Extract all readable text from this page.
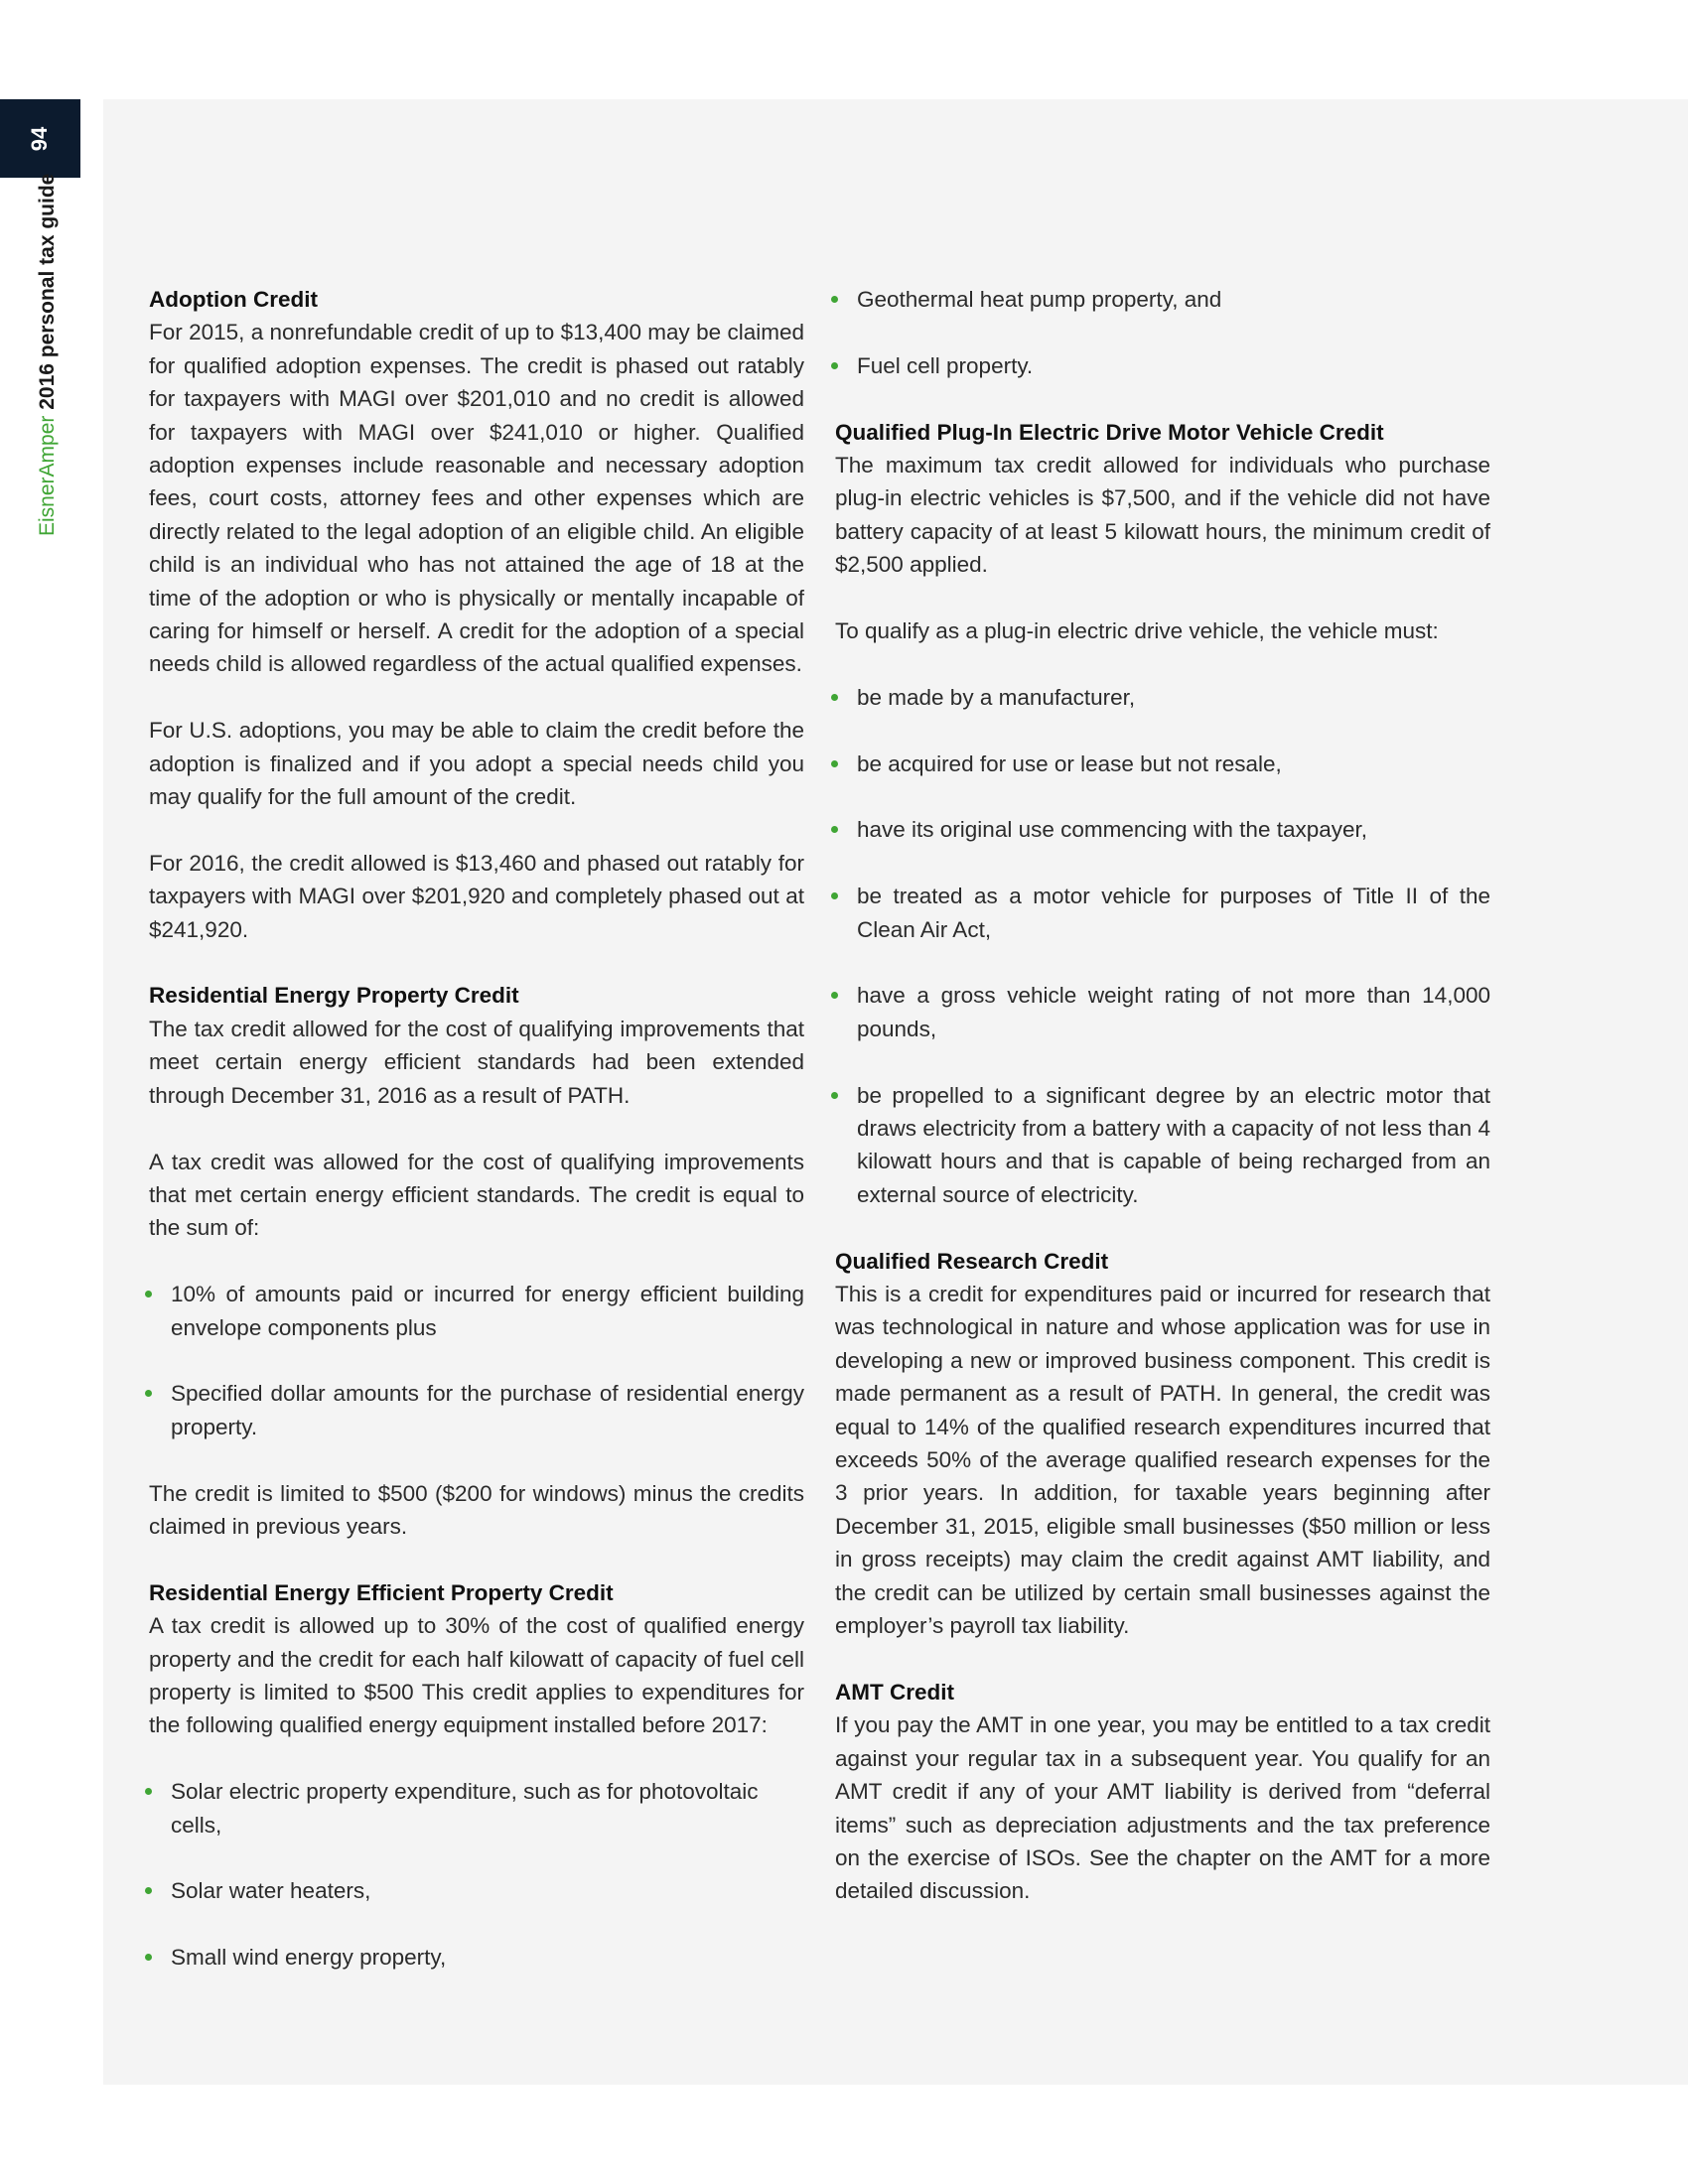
94
EisnerAmper 2016 personal tax guide	Adoption Credit

For 2015, a nonrefundable credit of up to $13,400 may be claimed for qualified adoption expenses. The credit is phased out ratably for taxpayers with MAGI over $201,010 and no credit is allowed for taxpayers with MAGI over $241,010 or higher. Qualified adoption expenses include reasonable and necessary adoption fees, court costs, attorney fees and other expenses which are directly related to the legal adoption of an eligible child. An eligible child is an individual who has not attained the age of 18 at the time of the adoption or who is physically or mentally incapable of caring for himself or herself. A credit for the adoption of a special needs child is allowed regardless of the actual qualified expenses.

For U.S. adoptions, you may be able to claim the credit before the adoption is finalized and if you adopt a special needs child you may qualify for the full amount of the credit.

For 2016, the credit allowed is $13,460 and phased out ratably for taxpayers with MAGI over $201,920 and completely phased out at $241,920.

Residential Energy Property Credit

The tax credit allowed for the cost of qualifying improvements that meet certain energy efficient standards had been extended through December 31, 2016 as a result of PATH.

A tax credit was allowed for the cost of qualifying improvements that met certain energy efficient standards. The credit is equal to the sum of:

10% of amounts paid or incurred for energy efficient building envelope components plus
Specified dollar amounts for the purchase of residential energy property.

The credit is limited to $500 ($200 for windows) minus the credits claimed in previous years.

Residential Energy Efficient Property Credit

A tax credit is allowed up to 30% of the cost of qualified energy property and the credit for each half kilowatt of capacity of fuel cell property is limited to $500 This credit applies to expenditures for the following qualified energy equipment installed before 2017:

Solar electric property expenditure, such as for photovoltaic cells,
Solar water heaters,
Small wind energy property,
Geothermal heat pump property, and
Fuel cell property.
Qualified Plug-In Electric Drive Motor Vehicle Credit

The maximum tax credit allowed for individuals who purchase plug-in electric vehicles is $7,500, and if the vehicle did not have battery capacity of at least 5 kilowatt hours, the minimum credit of $2,500 applied.

To qualify as a plug-in electric drive vehicle, the vehicle must:

be made by a manufacturer,
be acquired for use or lease but not resale,
have its original use commencing with the taxpayer,
be treated as a motor vehicle for purposes of Title II of the Clean Air Act,
have a gross vehicle weight rating of not more than 14,000 pounds,
be propelled to a significant degree by an electric motor that draws electricity from a battery with a capacity of not less than 4 kilowatt hours and that is capable of being recharged from an external source of electricity.
Qualified Research Credit

This is a credit for expenditures paid or incurred for research that was technological in nature and whose application was for use in developing a new or improved business component. This credit is made permanent as a result of PATH. In general, the credit was equal to 14% of the qualified research expenditures incurred that exceeds 50% of the average qualified research expenses for the 3 prior years. In addition, for taxable years beginning after December 31, 2015, eligible small businesses ($50 million or less in gross receipts) may claim the credit against AMT liability, and the credit can be utilized by certain small businesses against the employer’s payroll tax liability.

AMT Credit

If you pay the AMT in one year, you may be entitled to a tax credit against your regular tax in a subsequent year. You qualify for an AMT credit if any of your AMT liability is derived from “deferral items” such as depreciation adjustments and the tax preference on the exercise of ISOs. See the chapter on the AMT for a more detailed discussion.
